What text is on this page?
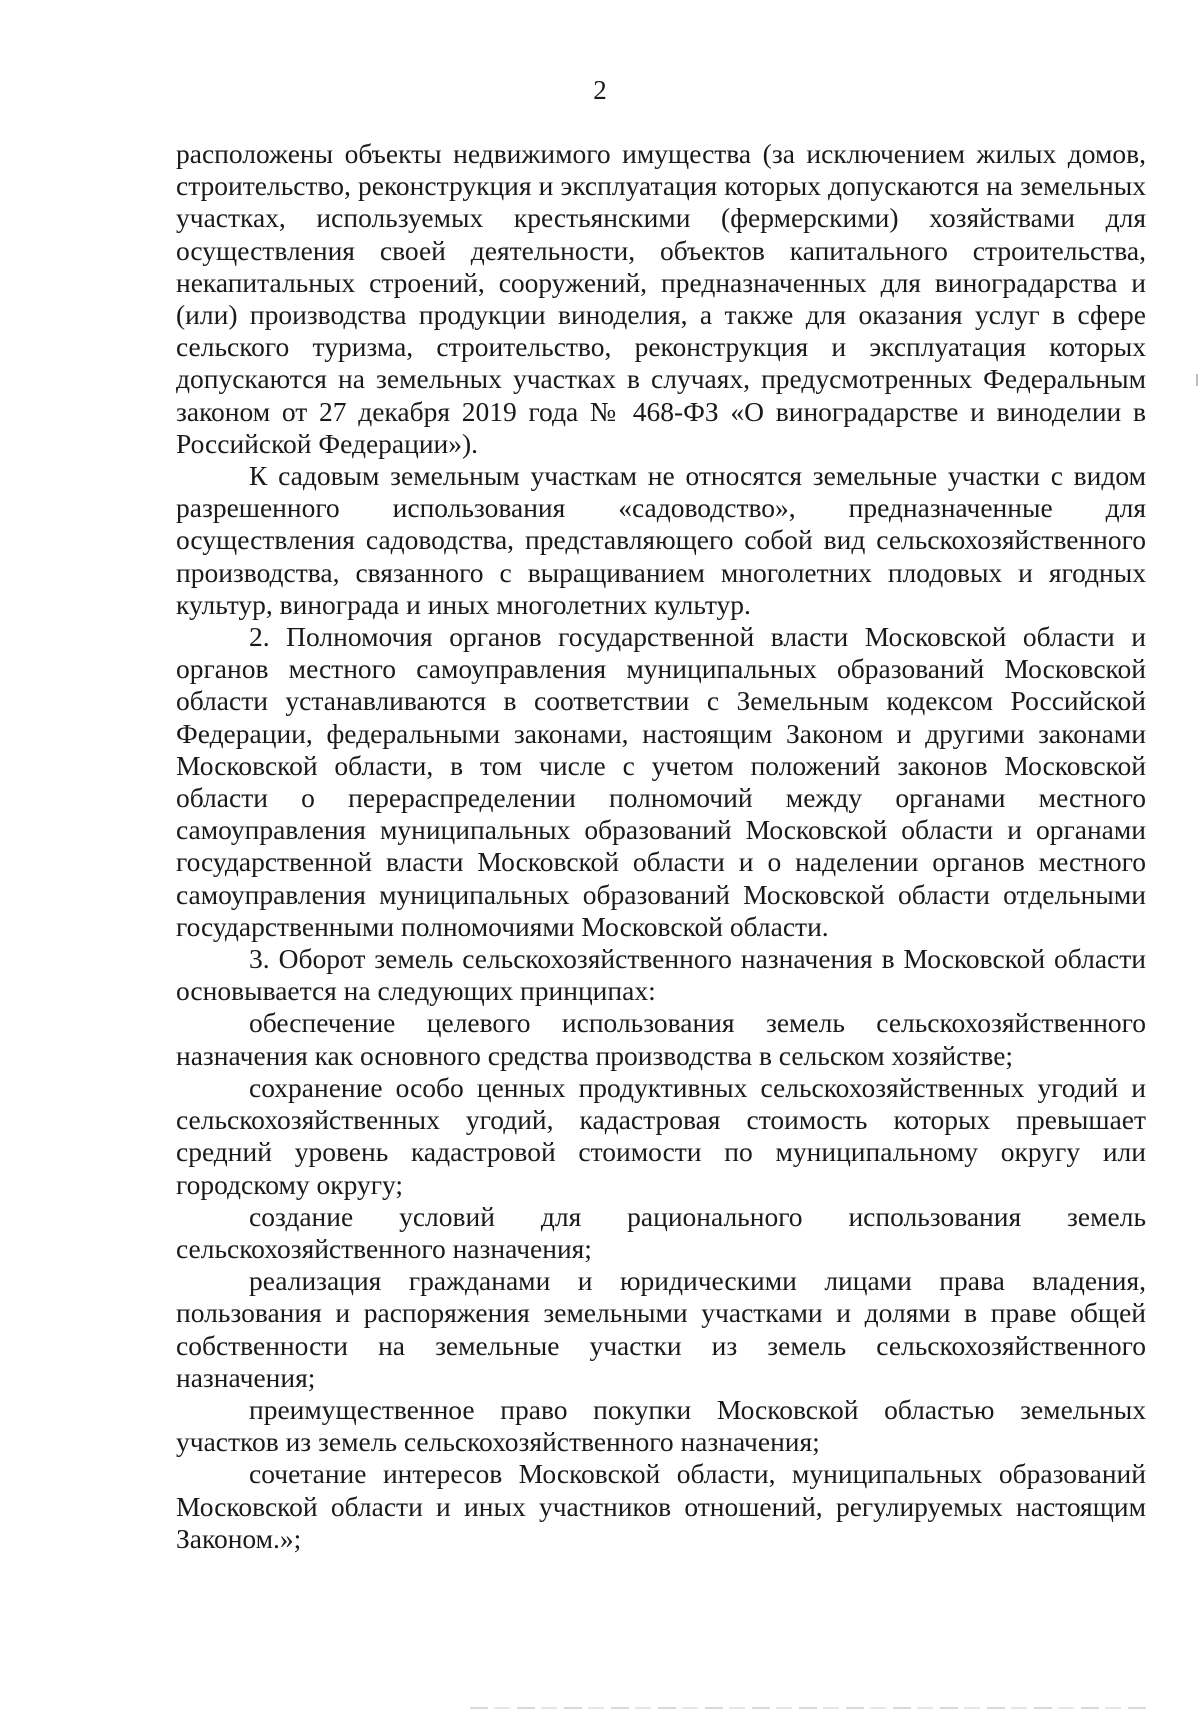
2

расположены объекты недвижимого имущества (за исключением жилых домов, строительство, реконструкция и эксплуатация которых допускаются на земельных участках, используемых крестьянскими (фермерскими) хозяйствами для осуществления своей деятельности, объектов капитального строительства, некапитальных строений, сооружений, предназначенных для виноградарства и (или) производства продукции виноделия, а также для оказания услуг в сфере сельского туризма, строительство, реконструкция и эксплуатация которых допускаются на земельных участках в случаях, предусмотренных Федеральным законом от 27 декабря 2019 года № 468-ФЗ «О виноградарстве и виноделии в Российской Федерации»).

К садовым земельным участкам не относятся земельные участки с видом разрешенного использования «садоводство», предназначенные для осуществления садоводства, представляющего собой вид сельскохозяйственного производства, связанного с выращиванием многолетних плодовых и ягодных культур, винограда и иных многолетних культур.

2. Полномочия органов государственной власти Московской области и органов местного самоуправления муниципальных образований Московской области устанавливаются в соответствии с Земельным кодексом Российской Федерации, федеральными законами, настоящим Законом и другими законами Московской области, в том числе с учетом положений законов Московской области о перераспределении полномочий между органами местного самоуправления муниципальных образований Московской области и органами государственной власти Московской области и о наделении органов местного самоуправления муниципальных образований Московской области отдельными государственными полномочиями Московской области.

3. Оборот земель сельскохозяйственного назначения в Московской области основывается на следующих принципах:

обеспечение целевого использования земель сельскохозяйственного назначения как основного средства производства в сельском хозяйстве;

сохранение особо ценных продуктивных сельскохозяйственных угодий и сельскохозяйственных угодий, кадастровая стоимость которых превышает средний уровень кадастровой стоимости по муниципальному округу или городскому округу;

создание условий для рационального использования земель сельскохозяйственного назначения;

реализация гражданами и юридическими лицами права владения, пользования и распоряжения земельными участками и долями в праве общей собственности на земельные участки из земель сельскохозяйственного назначения;

преимущественное право покупки Московской областью земельных участков из земель сельскохозяйственного назначения;

сочетание интересов Московской области, муниципальных образований Московской области и иных участников отношений, регулируемых настоящим Законом.»;
